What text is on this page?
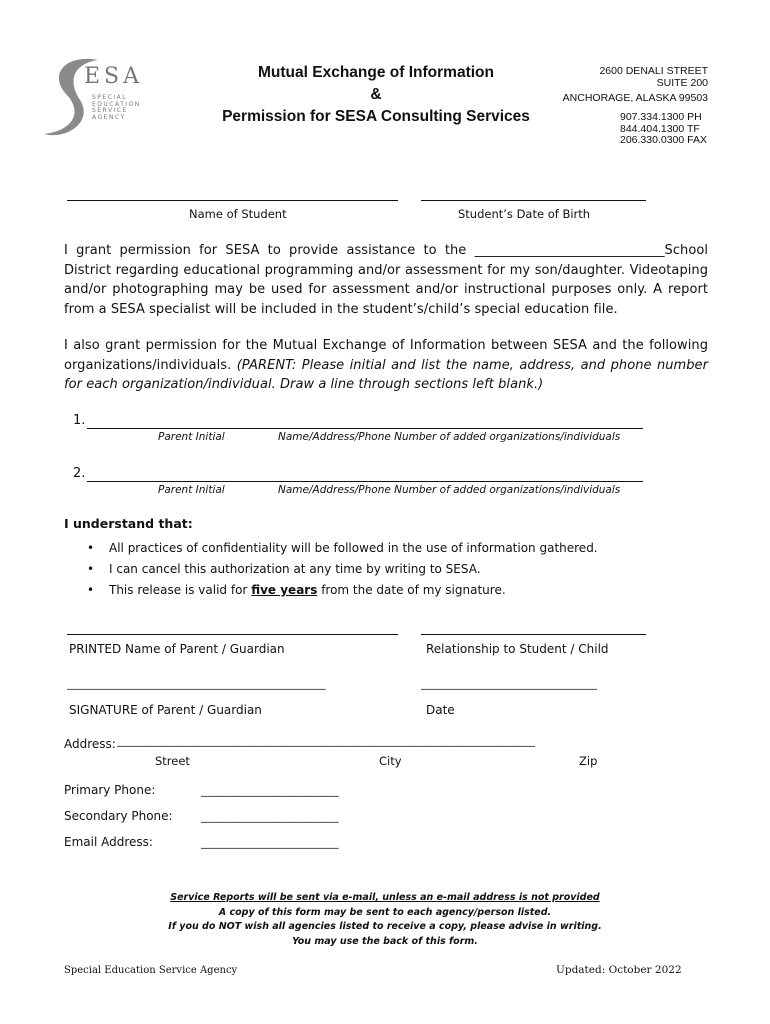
ESA
SPECIAL
EDUCATION
SERVICE
AGENCY
Mutual Exchange of Information
&
Permission for SESA Consulting Services
2600 DENALI STREET
SUITE 200
ANCHORAGE, ALASKA 99503
907.334.1300 PH
844.404.1300 TF
206.330.0300 FAX
Name of Student	Student’s Date of Birth
I grant permission for SESA to provide assistance to the _____________________________School District regarding educational programming and/or assessment for my son/daughter. Videotaping and/or photographing may be used for assessment and/or instructional purposes only. A report from a SESA specialist will be included in the student’s/child’s special education file.
I also grant permission for the Mutual Exchange of Information between SESA and the following organizations/individuals. (PARENT: Please initial and list the name, address, and phone number for each organization/individual. Draw a line through sections left blank.)
1.
Parent Initial	Name/Address/Phone Number of added organizations/individuals
2.
Parent Initial	Name/Address/Phone Number of added organizations/individuals
I understand that:
• All practices of confidentiality will be followed in the use of information gathered.
• I can cancel this authorization at any time by writing to SESA.
• This release is valid for five years from the date of my signature.
PRINTED Name of Parent / Guardian	Relationship to Student / Child
_______________________________________________	________________________________
SIGNATURE of Parent / Guardian	Date
Address: ____________________________________________________________________________
Street	City	Zip
Primary Phone:	_________________________
Secondary Phone:	_________________________
Email Address:	_________________________
Service Reports will be sent via e-mail, unless an e-mail address is not provided
A copy of this form may be sent to each agency/person listed.
If you do NOT wish all agencies listed to receive a copy, please advise in writing.
You may use the back of this form.
Special Education Service Agency	Updated: October 2022
